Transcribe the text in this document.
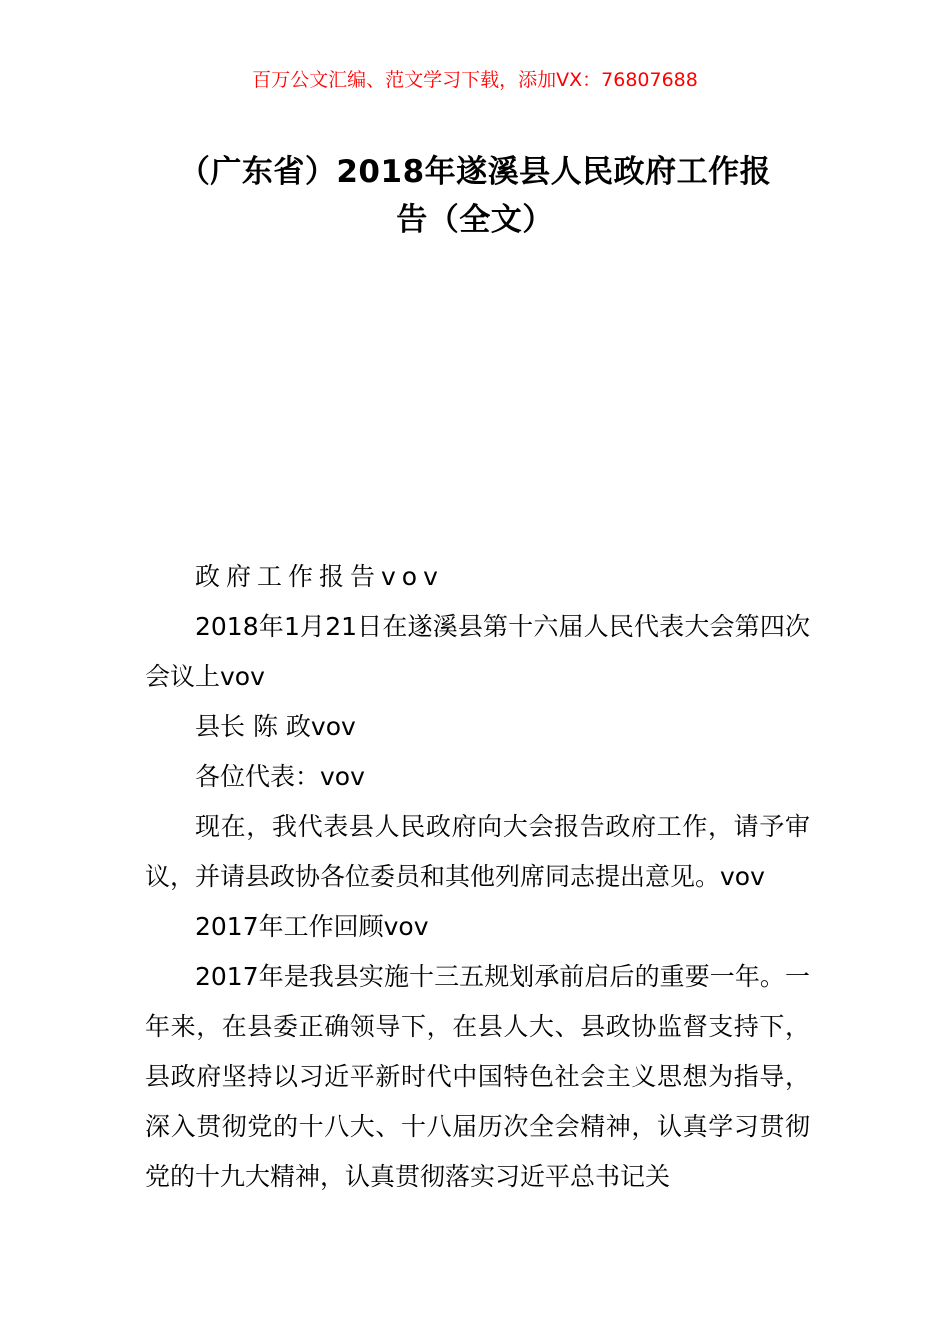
百万公文汇编、范文学习下载，添加VX：76807688
（广东省）2018年遂溪县人民政府工作报
告（全文）

政府工作报告vov

2018年1月21日在遂溪县第十六届人民代表大会第四次会议上vov

县长 陈 政vov

各位代表：vov

现在，我代表县人民政府向大会报告政府工作，请予审议，并请县政协各位委员和其他列席同志提出意见。vov

2017年工作回顾vov

2017年是我县实施十三五规划承前启后的重要一年。一年来，在县委正确领导下，在县人大、县政协监督支持下，县政府坚持以习近平新时代中国特色社会主义思想为指导，深入贯彻党的十八大、十八届历次全会精神，认真学习贯彻党的十九大精神，认真贯彻落实习近平总书记关
